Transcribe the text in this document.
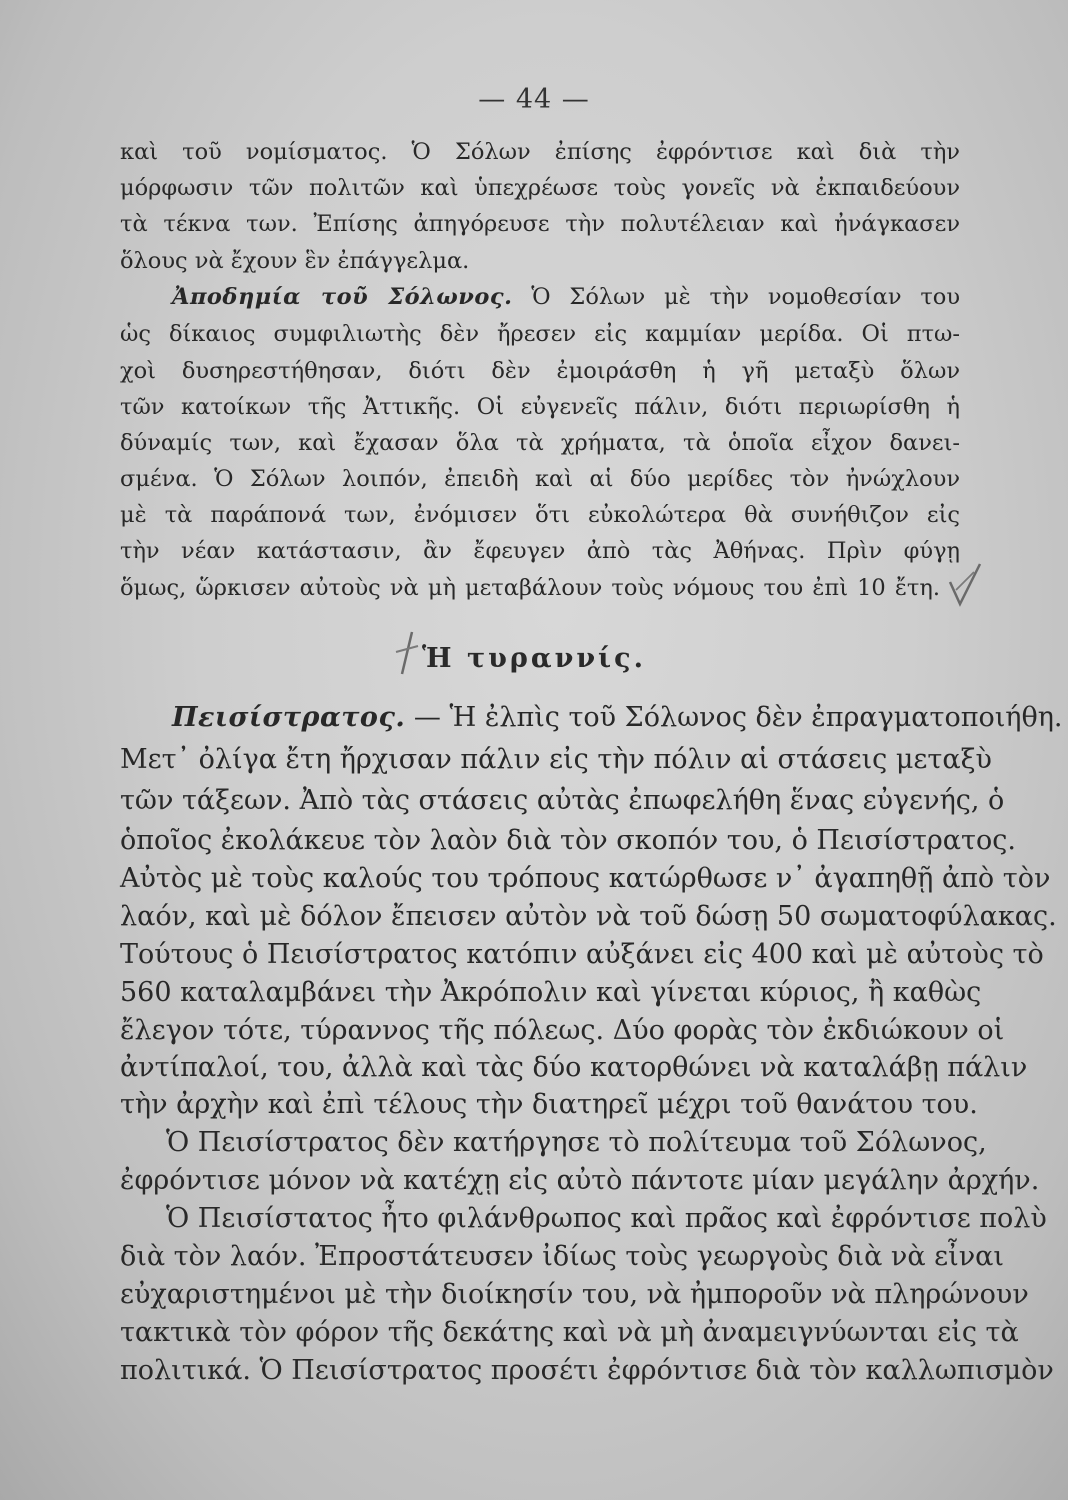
— 44 —
καὶ τοῦ νομίσματος. Ὁ Σόλων ἐπίσης ἐφρόντισε καὶ διὰ τὴν
μόρφωσιν τῶν πολιτῶν καὶ ὑπεχρέωσε τοὺς γονεῖς νὰ ἐκπαιδεύουν
τὰ τέκνα των. Ἐπίσης ἀπηγόρευσε τὴν πολυτέλειαν καὶ ἠνάγκασεν
ὅλους νὰ ἔχουν ἓν ἐπάγγελμα.
Ἀποδημία τοῦ Σόλωνος. Ὁ Σόλων μὲ τὴν νομοθεσίαν του
ὡς δίκαιος συμφιλιωτὴς δὲν ἤρεσεν εἰς καμμίαν μερίδα. Οἱ πτω-
χοὶ δυσηρεστήθησαν, διότι δὲν ἐμοιράσθη ἡ γῆ μεταξὺ ὅλων
τῶν κατοίκων τῆς Ἀττικῆς. Οἱ εὐγενεῖς πάλιν, διότι περιωρίσθη ἡ
δύναμίς των, καὶ ἔχασαν ὅλα τὰ χρήματα, τὰ ὁποῖα εἶχον δανει-
σμένα. Ὁ Σόλων λοιπόν, ἐπειδὴ καὶ αἱ δύο μερίδες τὸν ἠνώχλουν
μὲ τὰ παράπονά των, ἐνόμισεν ὅτι εὐκολώτερα θὰ συνήθιζον εἰς
τὴν νέαν κατάστασιν, ἂν ἔφευγεν ἀπὸ τὰς Ἀθήνας. Πρὶν φύγῃ
ὅμως, ὥρκισεν αὐτοὺς νὰ μὴ μεταβάλουν τοὺς νόμους του ἐπὶ 10 ἔτη.
Ἡ τυραννίς.
Πεισίστρατος. — Ἡ ἐλπὶς τοῦ Σόλωνος δὲν ἐπραγματοποιήθη.
Μετ᾽ ὀλίγα ἔτη ἤρχισαν πάλιν εἰς τὴν πόλιν αἱ στάσεις μεταξὺ
τῶν τάξεων. Ἀπὸ τὰς στάσεις αὐτὰς ἐπωφελήθη ἕνας εὐγενής, ὁ
ὁποῖος ἐκολάκευε τὸν λαὸν διὰ τὸν σκοπόν του, ὁ Πεισίστρατος.
Αὐτὸς μὲ τοὺς καλούς του τρόπους κατώρθωσε ν᾽ ἀγαπηθῇ ἀπὸ τὸν
λαόν, καὶ μὲ δόλον ἔπεισεν αὐτὸν νὰ τοῦ δώσῃ 50 σωματοφύλακας.
Τούτους ὁ Πεισίστρατος κατόπιν αὐξάνει εἰς 400 καὶ μὲ αὐτοὺς τὸ
560 καταλαμβάνει τὴν Ἀκρόπολιν καὶ γίνεται κύριος, ἢ καθὼς
ἔλεγον τότε, τύραννος τῆς πόλεως. Δύο φορὰς τὸν ἐκδιώκουν οἱ
ἀντίπαλοί, του, ἀλλὰ καὶ τὰς δύο κατορθώνει νὰ καταλάβῃ πάλιν
τὴν ἀρχὴν καὶ ἐπὶ τέλους τὴν διατηρεῖ μέχρι τοῦ θανάτου του.
Ὁ Πεισίστρατος δὲν κατήργησε τὸ πολίτευμα τοῦ Σόλωνος,
ἐφρόντισε μόνον νὰ κατέχῃ εἰς αὐτὸ πάντοτε μίαν μεγάλην ἀρχήν.
Ὁ Πεισίστατος ἦτο φιλάνθρωπος καὶ πρᾶος καὶ ἐφρόντισε πολὺ
διὰ τὸν λαόν. Ἐπροστάτευσεν ἰδίως τοὺς γεωργοὺς διὰ νὰ εἶναι
εὐχαριστημένοι μὲ τὴν διοίκησίν του, νὰ ἠμποροῦν νὰ πληρώνουν
τακτικὰ τὸν φόρον τῆς δεκάτης καὶ νὰ μὴ ἀναμειγνύωνται εἰς τὰ
πολιτικά. Ὁ Πεισίστρατος προσέτι ἐφρόντισε διὰ τὸν καλλωπισμὸν
